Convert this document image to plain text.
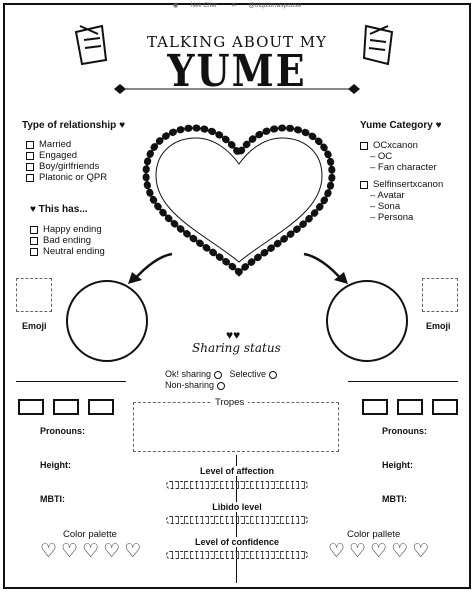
◉ Neil Cifer ✕ @ulquiorraspouse
TALKING ABOUT MY
YUME
Type of relationship ♥
Married
Engaged
Boy/girlfriends
Platonic or QPR
♥ This has...
Happy ending
Bad ending
Neutral ending
Yume Category ♥
OCxcanon
– OC
– Fan character
Selfinsertxcanon
– Avatar
– Sona
– Persona
Emoji	Emoji
♥♥
Sharing status
Ok! sharing Selective
Non-sharing
Tropes
Pronouns:
Height:
MBTI:
Color palette
♡ ♡ ♡ ♡ ♡
Pronouns:
Height:
MBTI:
Color pallete
♡ ♡ ♡ ♡ ♡
Level of affection
Libido level
Level of confidence
